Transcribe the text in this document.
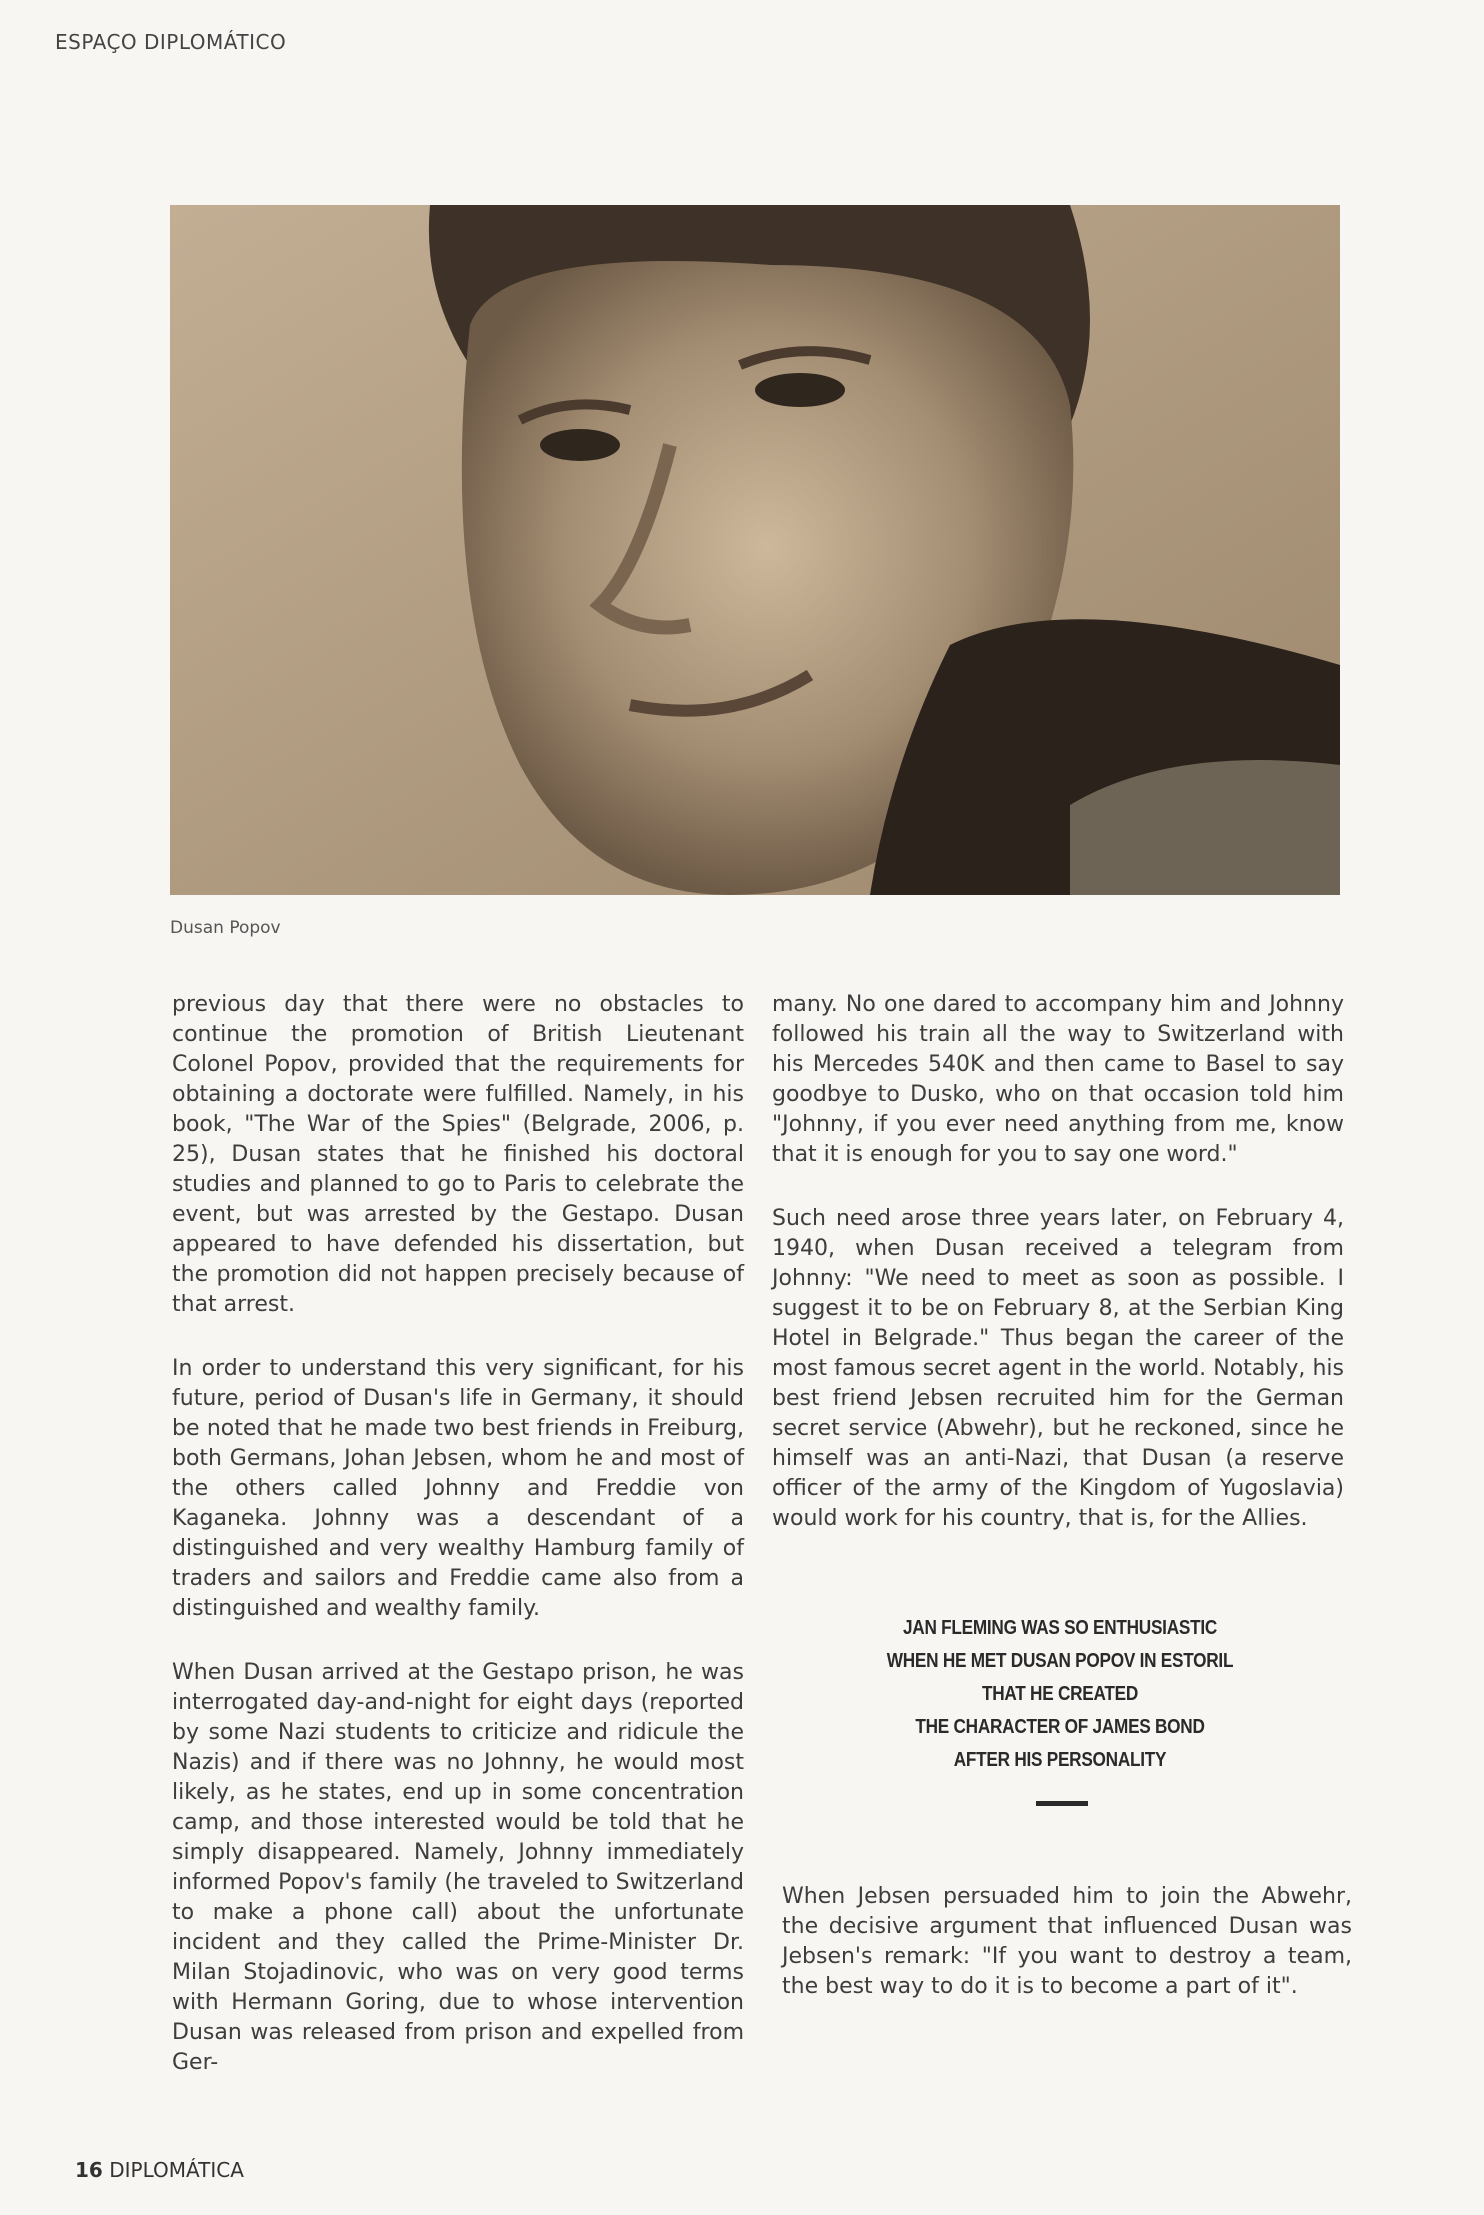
ESPAÇO DIPLOMÁTICO
Dusan Popov

previous day that there were no obstacles to continue the promotion of British Lieutenant Colonel Popov, provided that the requirements for obtaining a doctorate were fulfilled. Namely, in his book, "The War of the Spies" (Belgrade, 2006, p. 25), Dusan states that he finished his doctoral studies and planned to go to Paris to celebrate the event, but was arrested by the Gestapo. Dusan appeared to have defended his dissertation, but the promotion did not happen precisely because of that arrest.

In order to understand this very significant, for his future, period of Dusan's life in Germany, it should be noted that he made two best friends in Freiburg, both Germans, Johan Jebsen, whom he and most of the others called Johnny and Freddie von Kaganeka. Johnny was a descendant of a distinguished and very wealthy Hamburg family of traders and sailors and Freddie came also from a distinguished and wealthy family.

When Dusan arrived at the Gestapo prison, he was interrogated day-and-night for eight days (reported by some Nazi students to criticize and ridicule the Nazis) and if there was no Johnny, he would most likely, as he states, end up in some concentration camp, and those interested would be told that he simply disappeared. Namely, Johnny immediately informed Popov's family (he traveled to Switzerland to make a phone call) about the unfortunate incident and they called the Prime-Minister Dr. Milan Stojadinovic, who was on very good terms with Hermann Goring, due to whose intervention Dusan was released from prison and expelled from Ger-

many. No one dared to accompany him and Johnny followed his train all the way to Switzerland with his Mercedes 540K and then came to Basel to say goodbye to Dusko, who on that occasion told him "Johnny, if you ever need anything from me, know that it is enough for you to say one word."

Such need arose three years later, on February 4, 1940, when Dusan received a telegram from Johnny: "We need to meet as soon as possible. I suggest it to be on February 8, at the Serbian King Hotel in Belgrade." Thus began the career of the most famous secret agent in the world. Notably, his best friend Jebsen recruited him for the German secret service (Abwehr), but he reckoned, since he himself was an anti-Nazi, that Dusan (a reserve officer of the army of the Kingdom of Yugoslavia) would work for his country, that is, for the Allies.

JAN FLEMING WAS SO ENTHUSIASTIC
WHEN HE MET DUSAN POPOV IN ESTORIL
THAT HE CREATED
THE CHARACTER OF JAMES BOND
AFTER HIS PERSONALITY
When Jebsen persuaded him to join the Abwehr, the decisive argument that influenced Dusan was Jebsen's remark: "If you want to destroy a team, the best way to do it is to become a part of it".
16 DIPLOMÁTICA
